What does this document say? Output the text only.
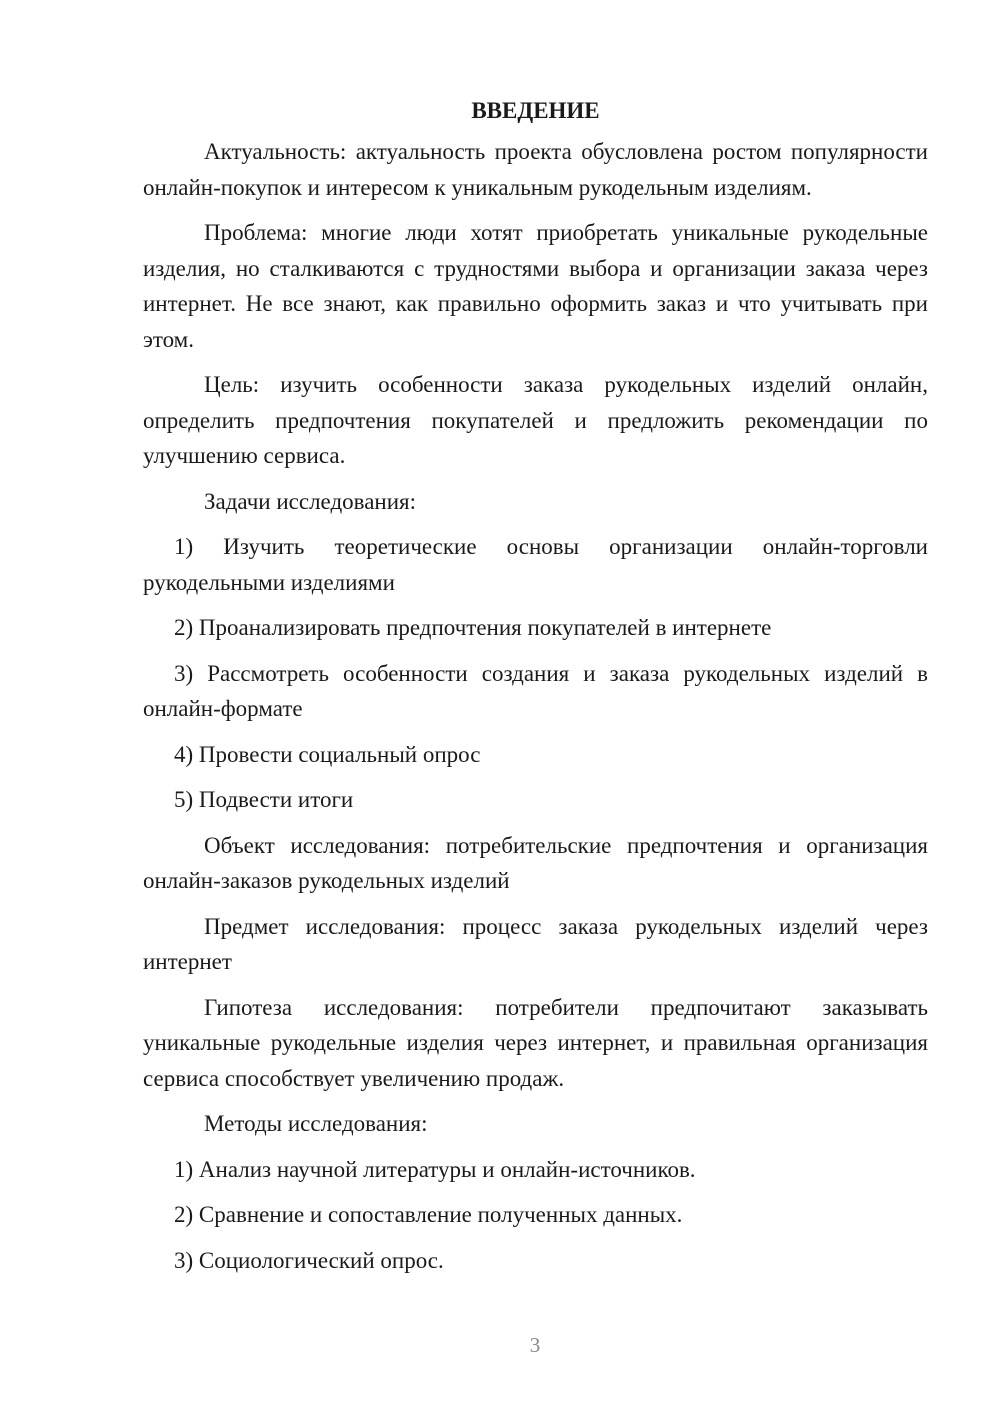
ВВЕДЕНИЕ

Актуальность: актуальность проекта обусловлена ростом популярности онлайн-покупок и интересом к уникальным рукодельным изделиям.

Проблема: многие люди хотят приобретать уникальные рукодельные изделия, но сталкиваются с трудностями выбора и организации заказа через интернет. Не все знают, как правильно оформить заказ и что учитывать при этом.

Цель: изучить особенности заказа рукодельных изделий онлайн, определить предпочтения покупателей и предложить рекомендации по улучшению сервиса.

Задачи исследования:

1) Изучить теоретические основы организации онлайн-торговли рукодельными изделиями

2) Проанализировать предпочтения покупателей в интернете

3) Рассмотреть особенности создания и заказа рукодельных изделий в онлайн-формате

4) Провести социальный опрос

5) Подвести итоги

Объект исследования: потребительские предпочтения и организация онлайн-заказов рукодельных изделий

Предмет исследования: процесс заказа рукодельных изделий через интернет

Гипотеза исследования: потребители предпочитают заказывать уникальные рукодельные изделия через интернет, и правильная организация сервиса способствует увеличению продаж.

Методы исследования:

1) Анализ научной литературы и онлайн-источников.

2) Сравнение и сопоставление полученных данных.

3) Социологический опрос.

3
